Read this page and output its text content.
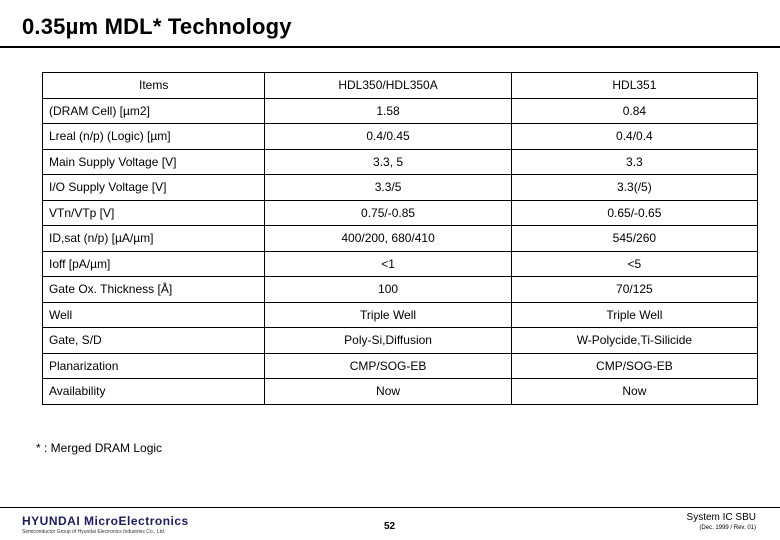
0.35µm MDL* Technology
Items	HDL350/HDL350A	HDL351
(DRAM Cell) [µm2]	1.58	0.84
Lreal (n/p) (Logic) [µm]	0.4/0.45	0.4/0.4
Main Supply Voltage [V]	3.3, 5	3.3
I/O Supply Voltage [V]	3.3/5	3.3(/5)
VTn/VTp [V]	0.75/-0.85	0.65/-0.65
ID,sat (n/p) [µA/µm]	400/200, 680/410	545/260
Ioff [pA/µm]	<1	<5
Gate Ox. Thickness [Å]	100	70/125
Well	Triple Well	Triple Well
Gate, S/D	Poly-Si,Diffusion	W-Polycide,Ti-Silicide
Planarization	CMP/SOG-EB	CMP/SOG-EB
Availability	Now	Now
* : Merged DRAM Logic
HYUNDAI MicroElectronics
Semiconductor Group of Hyundai Electronics Industries Co., Ltd.	52
System IC SBU
(Dec. 1999 / Rev. 01)
